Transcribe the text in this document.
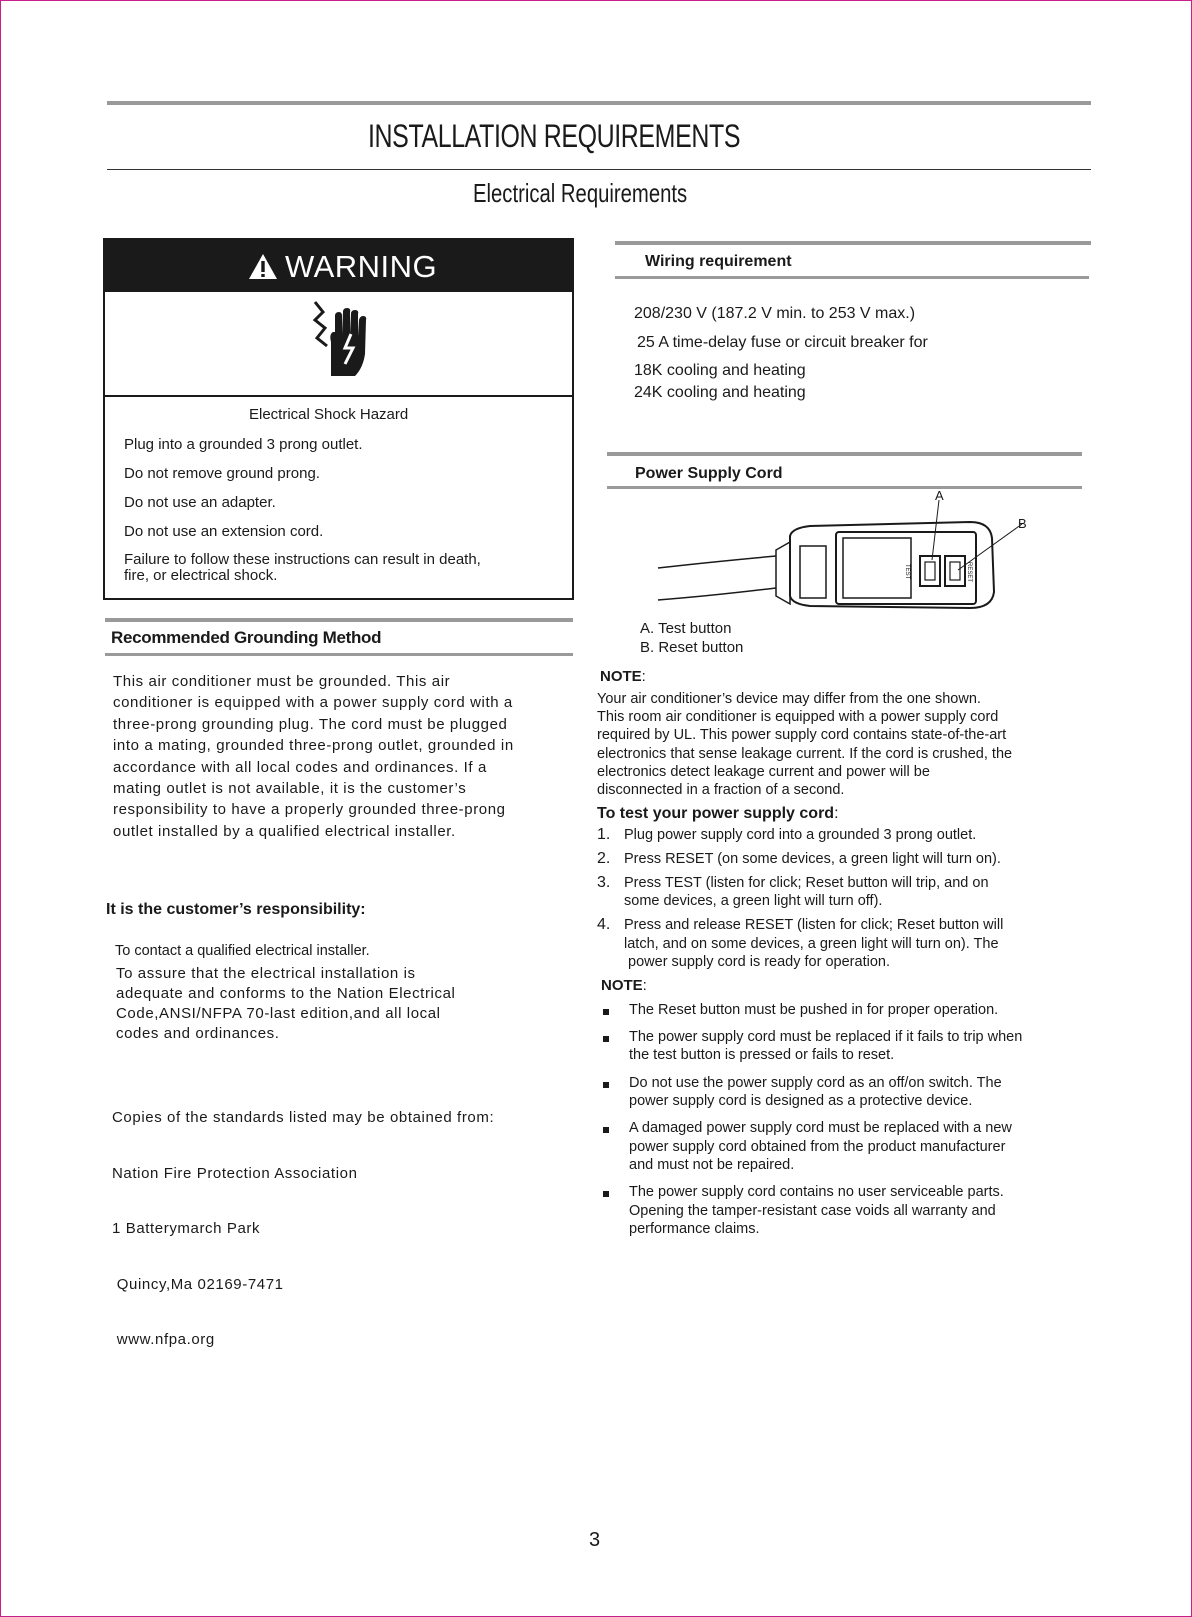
INSTALLATION REQUIREMENTS
Electrical Requirements
WARNING
Electrical Shock Hazard
Plug into a grounded 3 prong outlet.
Do not remove ground prong.
Do not use an adapter.
Do not use an extension cord.
Failure to follow these instructions can result in death,
fire, or electrical shock.
Recommended Grounding Method

This air conditioner must be grounded. This air

conditioner is equipped with a power supply cord with a

three-prong grounding plug. The cord must be plugged

into a mating, grounded three-prong outlet, grounded in

accordance with all local codes and ordinances. If a

mating outlet is not available, it is the customer’s

responsibility to have a properly grounded three-prong

outlet installed by a qualified electrical installer.

It is the customer’s responsibility:
To contact a qualified electrical installer.

To assure that the electrical installation is

adequate and conforms to the Nation Electrical

Code,ANSI/NFPA 70-last edition,and all local

codes and ordinances.

Copies of the standards listed may be obtained from:

Nation Fire Protection Association

1 Batterymarch Park

Quincy,Ma 02169-7471

www.nfpa.org

Wiring requirement
208/230 V (187.2 V min. to 253 V max.)
25 A time-delay fuse or circuit breaker for
18K cooling and heating
24K cooling and heating
Power Supply Cord
A
B
TEST	RESET
A. Test button
B. Reset button
NOTE:

Your air conditioner’s device may differ from the one shown.

This room air conditioner is equipped with a power supply cord

required by UL. This power supply cord contains state-of-the-art

electronics that sense leakage current. If the cord is crushed, the

electronics detect leakage current and power will be

disconnected in a fraction of a second.

To test your power supply cord:
1. Plug power supply cord into a grounded 3 prong outlet.

2. Press RESET (on some devices, a green light will turn on).

3. Press TEST (listen for click; Reset button will trip, and on

some devices, a green light will turn off).

4. Press and release RESET (listen for click; Reset button will

latch, and on some devices, a green light will turn on). The

power supply cord is ready for operation.

NOTE:

The Reset button must be pushed in for proper operation.

The power supply cord must be replaced if it fails to trip when

the test button is pressed or fails to reset.

Do not use the power supply cord as an off/on switch. The

power supply cord is designed as a protective device.

A damaged power supply cord must be replaced with a new

power supply cord obtained from the product manufacturer

and must not be repaired.

The power supply cord contains no user serviceable parts.

Opening the tamper-resistant case voids all warranty and

performance claims.

3
